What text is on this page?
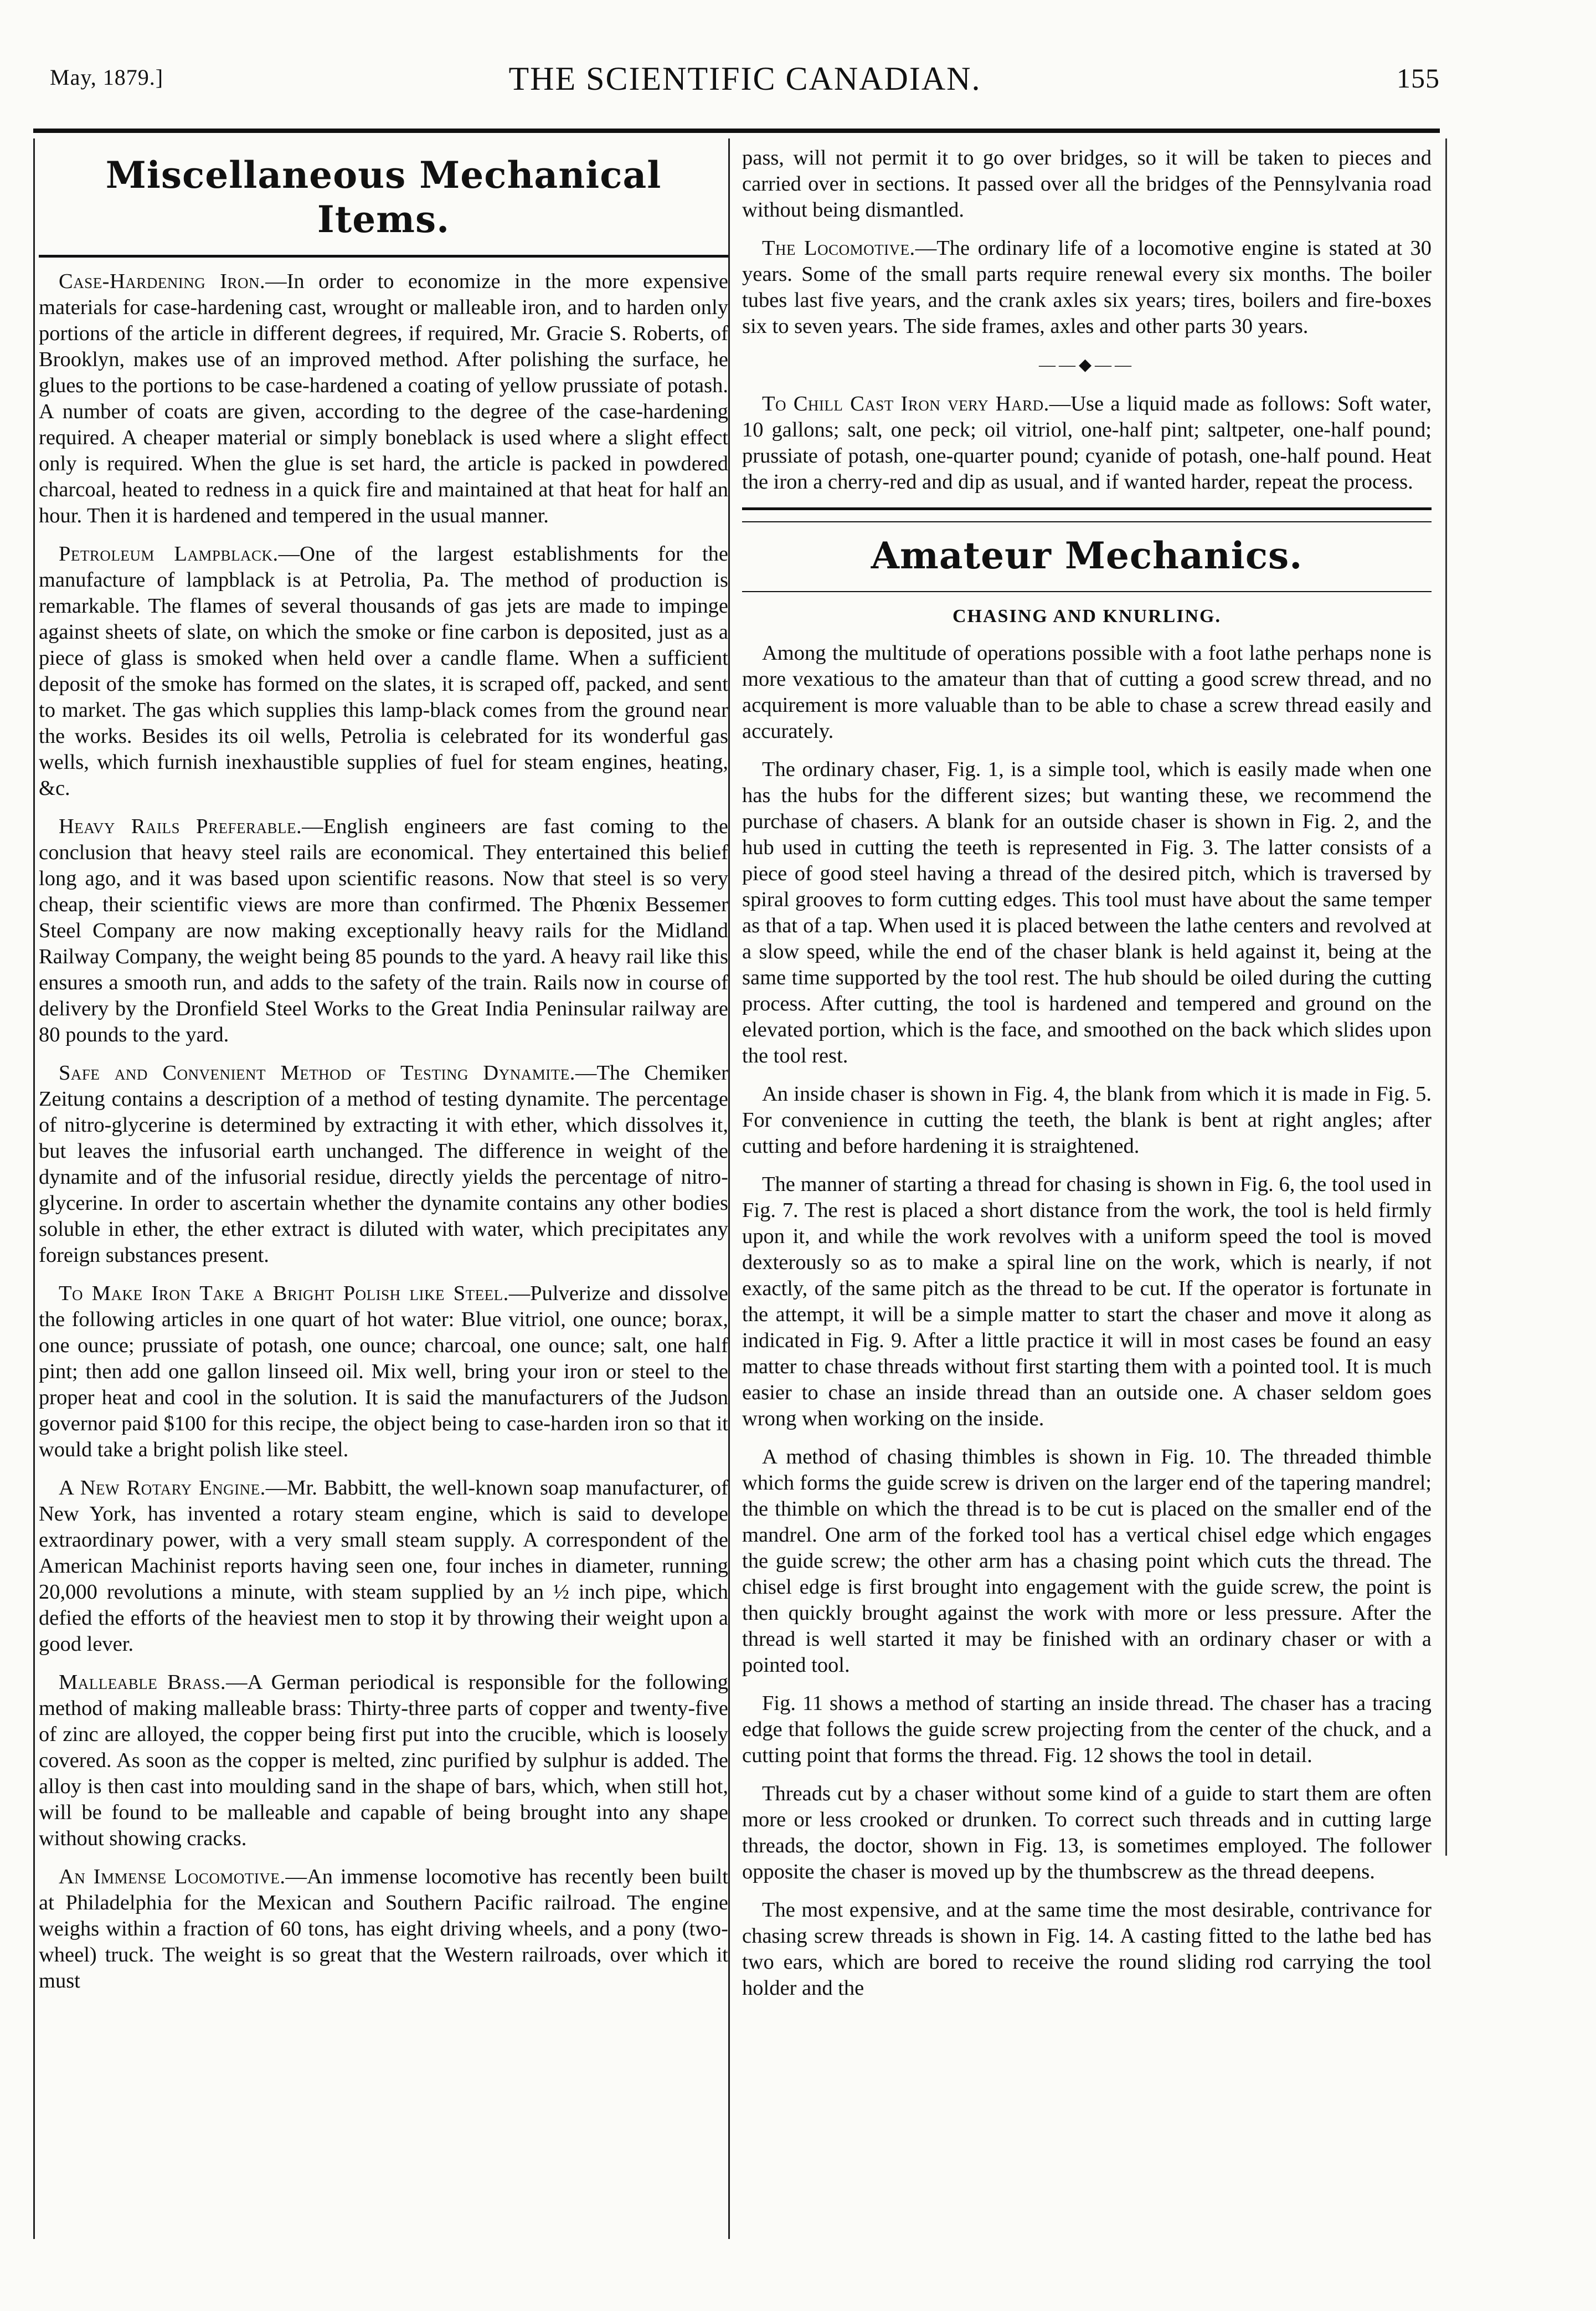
May, 1879.]	THE SCIENTIFIC CANADIAN.	155
Miscellaneous Mechanical Items.

Case-Hardening Iron.—In order to economize in the more expensive materials for case-hardening cast, wrought or malleable iron, and to harden only portions of the article in different degrees, if required, Mr. Gracie S. Roberts, of Brooklyn, makes use of an improved method. After polishing the surface, he glues to the portions to be case-hardened a coating of yellow prussiate of potash. A number of coats are given, according to the degree of the case-hardening required. A cheaper material or simply boneblack is used where a slight effect only is required. When the glue is set hard, the article is packed in powdered charcoal, heated to redness in a quick fire and maintained at that heat for half an hour. Then it is hardened and tempered in the usual manner.

Petroleum Lampblack.—One of the largest establishments for the manufacture of lampblack is at Petrolia, Pa. The method of production is remarkable. The flames of several thousands of gas jets are made to impinge against sheets of slate, on which the smoke or fine carbon is deposited, just as a piece of glass is smoked when held over a candle flame. When a sufficient deposit of the smoke has formed on the slates, it is scraped off, packed, and sent to market. The gas which supplies this lamp-black comes from the ground near the works. Besides its oil wells, Petrolia is celebrated for its wonderful gas wells, which furnish inexhaustible supplies of fuel for steam engines, heating, &c.

Heavy Rails Preferable.—English engineers are fast coming to the conclusion that heavy steel rails are economical. They entertained this belief long ago, and it was based upon scientific reasons. Now that steel is so very cheap, their scientific views are more than confirmed. The Phœnix Bessemer Steel Company are now making exceptionally heavy rails for the Midland Railway Company, the weight being 85 pounds to the yard. A heavy rail like this ensures a smooth run, and adds to the safety of the train. Rails now in course of delivery by the Dronfield Steel Works to the Great India Peninsular railway are 80 pounds to the yard.

Safe and Convenient Method of Testing Dynamite.—The Chemiker Zeitung contains a description of a method of testing dynamite. The percentage of nitro-glycerine is determined by extracting it with ether, which dissolves it, but leaves the infusorial earth unchanged. The difference in weight of the dynamite and of the infusorial residue, directly yields the percentage of nitro-glycerine. In order to ascertain whether the dynamite contains any other bodies soluble in ether, the ether extract is diluted with water, which precipitates any foreign substances present.

To Make Iron Take a Bright Polish like Steel.—Pulverize and dissolve the following articles in one quart of hot water: Blue vitriol, one ounce; borax, one ounce; prussiate of potash, one ounce; charcoal, one ounce; salt, one half pint; then add one gallon linseed oil. Mix well, bring your iron or steel to the proper heat and cool in the solution. It is said the manufacturers of the Judson governor paid $100 for this recipe, the object being to case-harden iron so that it would take a bright polish like steel.

A New Rotary Engine.—Mr. Babbitt, the well-known soap manufacturer, of New York, has invented a rotary steam engine, which is said to develope extraordinary power, with a very small steam supply. A correspondent of the American Machinist reports having seen one, four inches in diameter, running 20,000 revolutions a minute, with steam supplied by an ½ inch pipe, which defied the efforts of the heaviest men to stop it by throwing their weight upon a good lever.

Malleable Brass.—A German periodical is responsible for the following method of making malleable brass: Thirty-three parts of copper and twenty-five of zinc are alloyed, the copper being first put into the crucible, which is loosely covered. As soon as the copper is melted, zinc purified by sulphur is added. The alloy is then cast into moulding sand in the shape of bars, which, when still hot, will be found to be malleable and capable of being brought into any shape without showing cracks.

An Immense Locomotive.—An immense locomotive has recently been built at Philadelphia for the Mexican and Southern Pacific railroad. The engine weighs within a fraction of 60 tons, has eight driving wheels, and a pony (two-wheel) truck. The weight is so great that the Western railroads, over which it must

pass, will not permit it to go over bridges, so it will be taken to pieces and carried over in sections. It passed over all the bridges of the Pennsylvania road without being dismantled.

The Locomotive.—The ordinary life of a locomotive engine is stated at 30 years. Some of the small parts require renewal every six months. The boiler tubes last five years, and the crank axles six years; tires, boilers and fire-boxes six to seven years. The side frames, axles and other parts 30 years.

——◆——

To Chill Cast Iron very Hard.—Use a liquid made as follows: Soft water, 10 gallons; salt, one peck; oil vitriol, one-half pint; saltpeter, one-half pound; prussiate of potash, one-quarter pound; cyanide of potash, one-half pound. Heat the iron a cherry-red and dip as usual, and if wanted harder, repeat the process.

Amateur Mechanics.
CHASING AND KNURLING.

Among the multitude of operations possible with a foot lathe perhaps none is more vexatious to the amateur than that of cutting a good screw thread, and no acquirement is more valuable than to be able to chase a screw thread easily and accurately.

The ordinary chaser, Fig. 1, is a simple tool, which is easily made when one has the hubs for the different sizes; but wanting these, we recommend the purchase of chasers. A blank for an outside chaser is shown in Fig. 2, and the hub used in cutting the teeth is represented in Fig. 3. The latter consists of a piece of good steel having a thread of the desired pitch, which is traversed by spiral grooves to form cutting edges. This tool must have about the same temper as that of a tap. When used it is placed between the lathe centers and revolved at a slow speed, while the end of the chaser blank is held against it, being at the same time supported by the tool rest. The hub should be oiled during the cutting process. After cutting, the tool is hardened and tempered and ground on the elevated portion, which is the face, and smoothed on the back which slides upon the tool rest.

An inside chaser is shown in Fig. 4, the blank from which it is made in Fig. 5. For convenience in cutting the teeth, the blank is bent at right angles; after cutting and before hardening it is straightened.

The manner of starting a thread for chasing is shown in Fig. 6, the tool used in Fig. 7. The rest is placed a short distance from the work, the tool is held firmly upon it, and while the work revolves with a uniform speed the tool is moved dexterously so as to make a spiral line on the work, which is nearly, if not exactly, of the same pitch as the thread to be cut. If the operator is fortunate in the attempt, it will be a simple matter to start the chaser and move it along as indicated in Fig. 9. After a little practice it will in most cases be found an easy matter to chase threads without first starting them with a pointed tool. It is much easier to chase an inside thread than an outside one. A chaser seldom goes wrong when working on the inside.

A method of chasing thimbles is shown in Fig. 10. The threaded thimble which forms the guide screw is driven on the larger end of the tapering mandrel; the thimble on which the thread is to be cut is placed on the smaller end of the mandrel. One arm of the forked tool has a vertical chisel edge which engages the guide screw; the other arm has a chasing point which cuts the thread. The chisel edge is first brought into engagement with the guide screw, the point is then quickly brought against the work with more or less pressure. After the thread is well started it may be finished with an ordinary chaser or with a pointed tool.

Fig. 11 shows a method of starting an inside thread. The chaser has a tracing edge that follows the guide screw projecting from the center of the chuck, and a cutting point that forms the thread. Fig. 12 shows the tool in detail.

Threads cut by a chaser without some kind of a guide to start them are often more or less crooked or drunken. To correct such threads and in cutting large threads, the doctor, shown in Fig. 13, is sometimes employed. The follower opposite the chaser is moved up by the thumbscrew as the thread deepens.

The most expensive, and at the same time the most desirable, contrivance for chasing screw threads is shown in Fig. 14. A casting fitted to the lathe bed has two ears, which are bored to receive the round sliding rod carrying the tool holder and the
